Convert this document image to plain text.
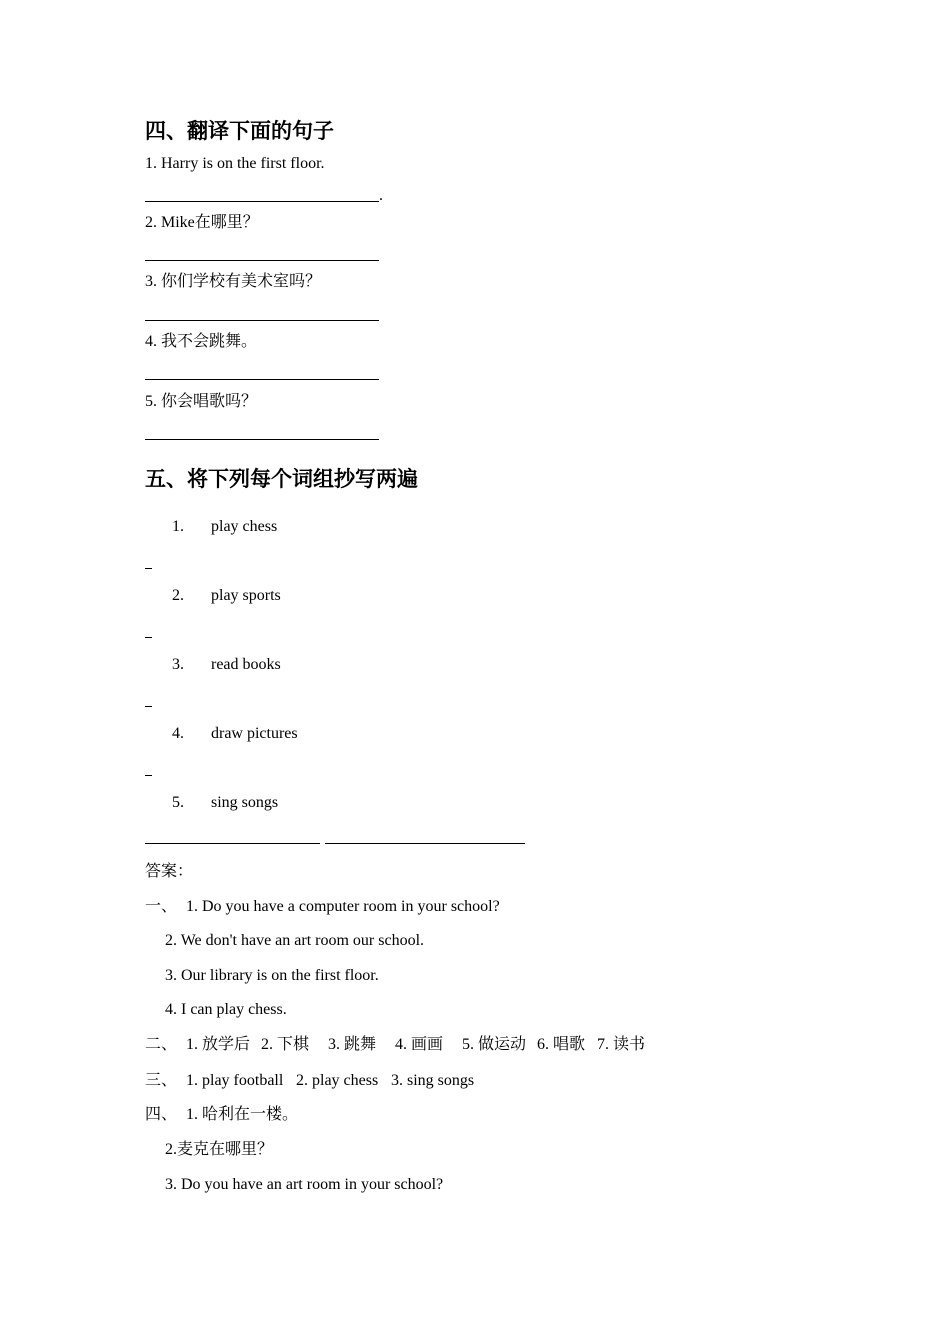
四、翻译下面的句子
1. Harry is on the first floor.
.
2. Mike在哪里？
3. 你们学校有美术室吗？
4. 我不会跳舞。
5. 你会唱歌吗？
五、将下列每个词组抄写两遍
1. play chess
2. play sports
3. read books
4. draw pictures
5. sing songs
答案：
一、 1. Do you have a computer room in your school?
2. We don't have an art room our school.
3. Our library is on the first floor.
4. I can play chess.
二、 1. 放学后 2. 下棋 3. 跳舞 4. 画画 5. 做运动 6. 唱歌 7. 读书
三、 1. play football 2. play chess 3. sing songs
四、 1. 哈利在一楼。
2.麦克在哪里？
3. Do you have an art room in your school?
